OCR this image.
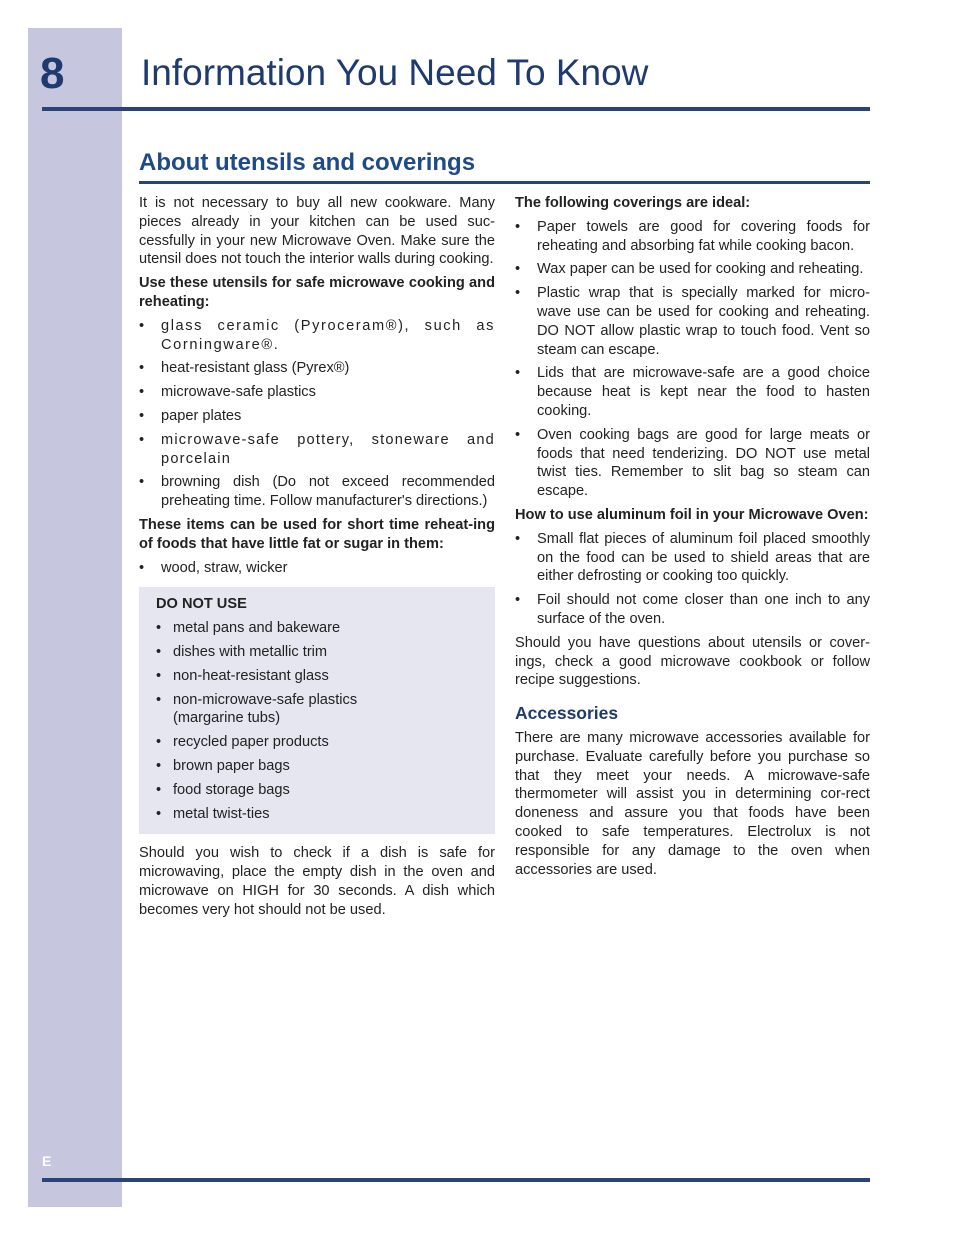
8 Information You Need To Know
About utensils and coverings

It is not necessary to buy all new cookware. Many pieces already in your kitchen can be used suc-cessfully in your new Microwave Oven. Make sure the utensil does not touch the interior walls during cooking.

Use these utensils for safe microwave cooking and reheating:

• glass ceramic (Pyroceram®), such as Corningware®.
• heat-resistant glass (Pyrex®)
• microwave-safe plastics
• paper plates
• microwave-safe pottery, stoneware and porcelain
• browning dish (Do not exceed recommended preheating time. Follow manufacturer's directions.)

These items can be used for short time reheat-ing of foods that have little fat or sugar in them:

• wood, straw, wicker
DO NOT USE
• metal pans and bakeware
• dishes with metallic trim
• non-heat-resistant glass
• non-microwave-safe plastics (margarine tubs)
• recycled paper products
• brown paper bags
• food storage bags
• metal twist-ties

Should you wish to check if a dish is safe for microwaving, place the empty dish in the oven and microwave on HIGH for 30 seconds. A dish which becomes very hot should not be used.

The following coverings are ideal:

• Paper towels are good for covering foods for reheating and absorbing fat while cooking bacon.
• Wax paper can be used for cooking and reheating.
• Plastic wrap that is specially marked for micro-wave use can be used for cooking and reheating. DO NOT allow plastic wrap to touch food. Vent so steam can escape.
• Lids that are microwave-safe are a good choice because heat is kept near the food to hasten cooking.
• Oven cooking bags are good for large meats or foods that need tenderizing. DO NOT use metal twist ties. Remember to slit bag so steam can escape.

How to use aluminum foil in your Microwave Oven:

• Small flat pieces of aluminum foil placed smoothly on the food can be used to shield areas that are either defrosting or cooking too quickly.
• Foil should not come closer than one inch to any surface of the oven.

Should you have questions about utensils or cover-ings, check a good microwave cookbook or follow recipe suggestions.

Accessories

There are many microwave accessories available for purchase. Evaluate carefully before you purchase so that they meet your needs. A microwave-safe thermometer will assist you in determining cor-rect doneness and assure you that foods have been cooked to safe temperatures. Electrolux is not responsible for any damage to the oven when accessories are used.

E
